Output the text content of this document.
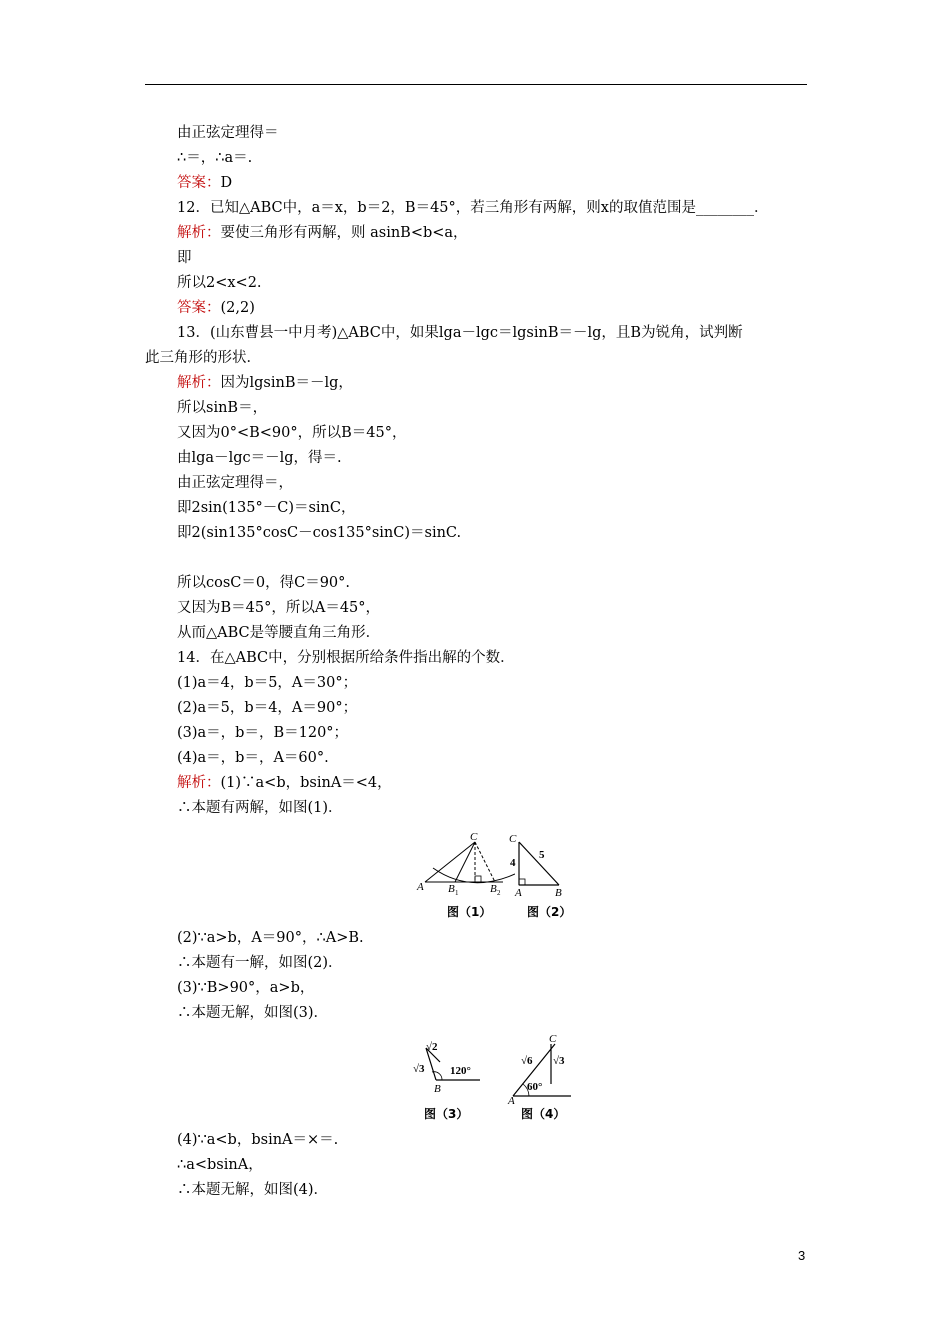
由正弦定理得＝
∴＝，∴a＝.
答案：D
12．已知△ABC中，a＝x，b＝2，B＝45°，若三角形有两解，则x的取值范围是________．
解析：要使三角形有两解，则 asinB<b<a，
即
所以2<x<2.
答案：(2,2)
13．(山东曹县一中月考)△ABC中，如果lga－lgc＝lgsinB＝－lg，且B为锐角，试判断
此三角形的形状．
解析：因为lgsinB＝－lg，
所以sinB＝，
又因为0°<B<90°，所以B＝45°，
由lga－lgc＝－lg，得＝.
由正弦定理得＝，
即2sin(135°－C)＝sinC，
即2(sin135°cosC－cos135°sinC)＝sinC.
所以cosC＝0，得C＝90°.
又因为B＝45°，所以A＝45°，
从而△ABC是等腰直角三角形．
14．在△ABC中，分别根据所给条件指出解的个数．
(1)a＝4，b＝5，A＝30°；
(2)a＝5，b＝4，A＝90°；
(3)a＝，b＝，B＝120°；
(4)a＝，b＝，A＝60°.
解析：(1)∵a<b，bsinA＝<4，
∴本题有两解，如图(1)．
(2)∵a>b，A＝90°，∴A>B.
∴本题有一解，如图(2)．
(3)∵B>90°，a>b，
∴本题无解，如图(3)．
(4)∵a<b，bsinA＝×＝.
∴a<bsinA，
∴本题无解，如图(4)．
A B 1	B 2
C
图（1）
C
A	B
4
5
图（2）
√2
√3 120°
B
图（3）
C
√6 √3
60°
A
图（4）
3
